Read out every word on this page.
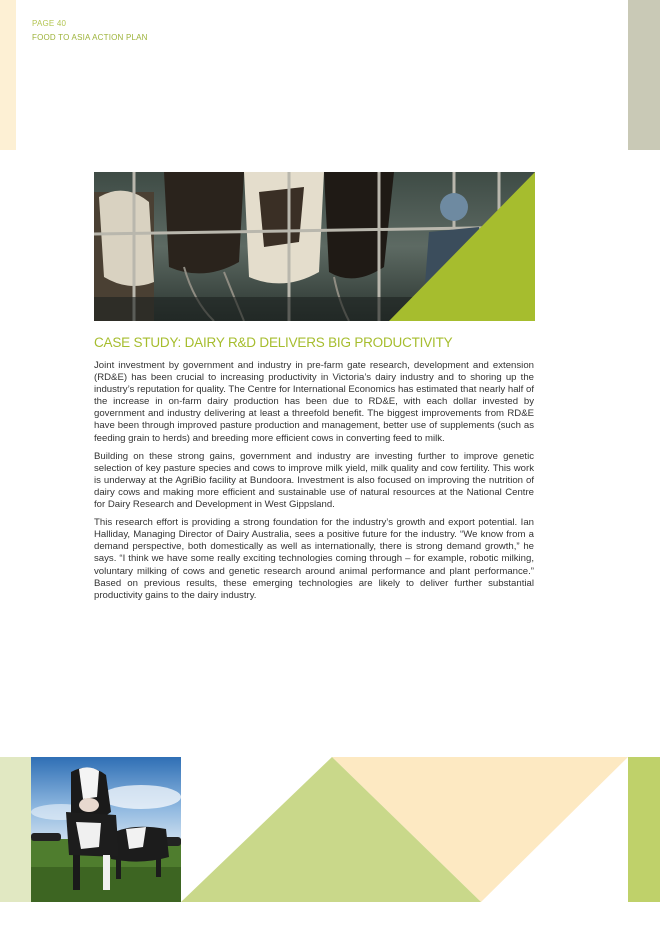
PAGE 40
FOOD TO ASIA ACTION PLAN
CASE STUDY: DAIRY R&D DELIVERS BIG PRODUCTIVITY

Joint investment by government and industry in pre-farm gate research, development and extension (RD&E) has been crucial to increasing productivity in Victoria’s dairy industry and to shoring up the industry’s reputation for quality. The Centre for International Economics has estimated that nearly half of the increase in on-farm dairy production has been due to RD&E, with each dollar invested by government and industry delivering at least a threefold benefit. The biggest improvements from RD&E have been through improved pasture production and management, better use of supplements (such as feeding grain to herds) and breeding more efficient cows in converting feed to milk.

Building on these strong gains, government and industry are investing further to improve genetic selection of key pasture species and cows to improve milk yield, milk quality and cow fertility. This work is underway at the AgriBio facility at Bundoora. Investment is also focused on improving the nutrition of dairy cows and making more efficient and sustainable use of natural resources at the National Centre for Dairy Research and Development in West Gippsland.

This research effort is providing a strong foundation for the industry’s growth and export potential. Ian Halliday, Managing Director of Dairy Australia, sees a positive future for the industry. “We know from a demand perspective, both domestically as well as internationally, there is strong demand growth,” he says. “I think we have some really exciting technologies coming through – for example, robotic milking, voluntary milking of cows and genetic research around animal performance and plant performance.” Based on previous results, these emerging technologies are likely to deliver further substantial productivity gains to the dairy industry.
